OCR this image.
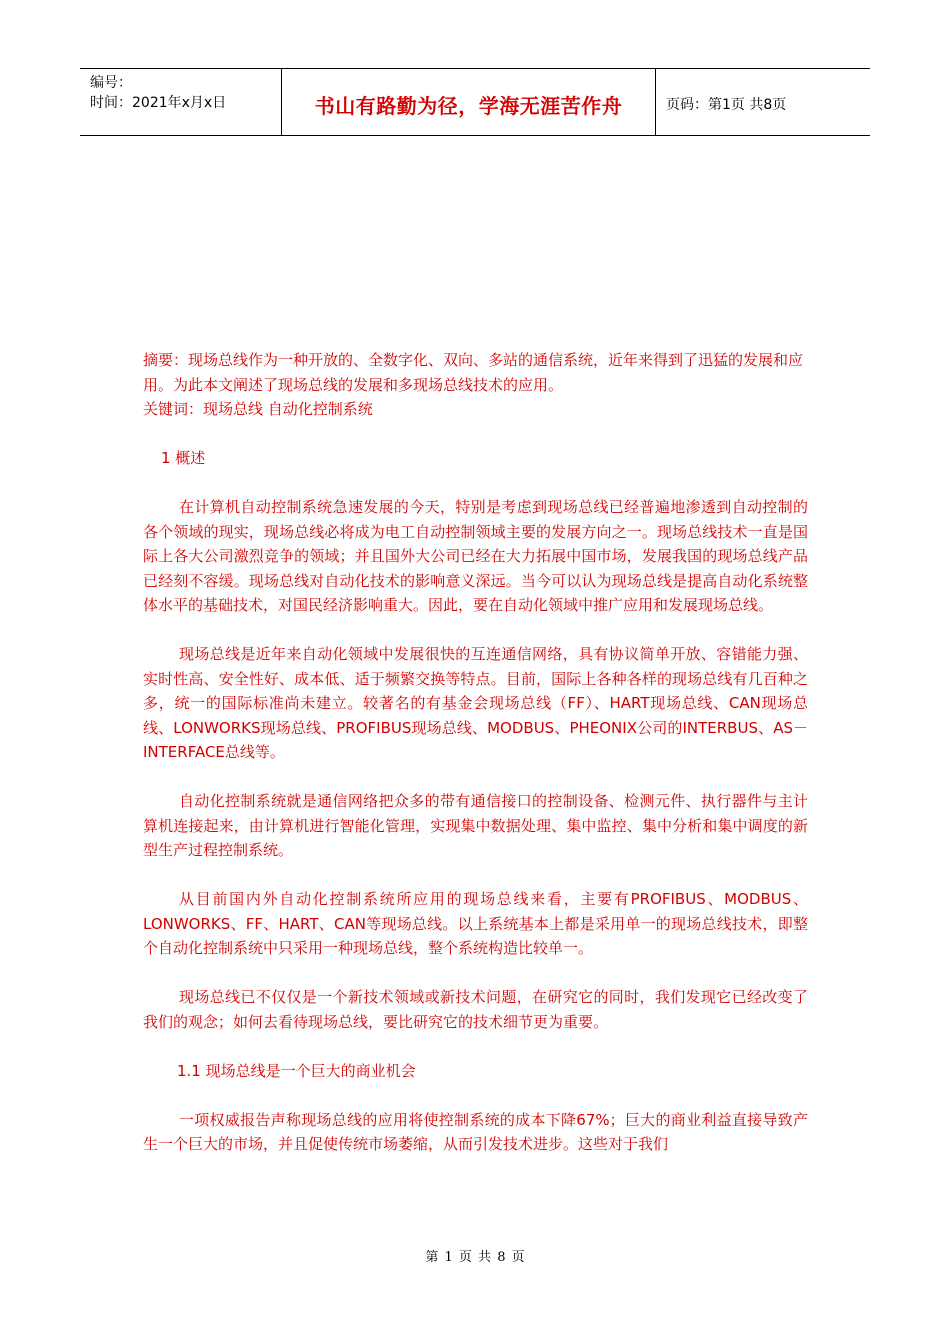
编号：
时间：2021年x月x日	书山有路勤为径，学海无涯苦作舟	页码：第1页 共8页

摘要：现场总线作为一种开放的、全数字化、双向、多站的通信系统，近年来得到了迅猛的发展和应用。为此本文阐述了现场总线的发展和多现场总线技术的应用。

关键词：现场总线 自动化控制系统

1 概述

在计算机自动控制系统急速发展的今天，特别是考虑到现场总线已经普遍地渗透到自动控制的各个领域的现实，现场总线必将成为电工自动控制领域主要的发展方向之一。现场总线技术一直是国际上各大公司激烈竞争的领域；并且国外大公司已经在大力拓展中国市场，发展我国的现场总线产品已经刻不容缓。现场总线对自动化技术的影响意义深远。当今可以认为现场总线是提高自动化系统整体水平的基础技术，对国民经济影响重大。因此，要在自动化领域中推广应用和发展现场总线。

现场总线是近年来自动化领域中发展很快的互连通信网络，具有协议简单开放、容错能力强、实时性高、安全性好、成本低、适于频繁交换等特点。目前，国际上各种各样的现场总线有几百种之多，统一的国际标准尚未建立。较著名的有基金会现场总线（FF）、HART现场总线、CAN现场总线、LONWORKS现场总线、PROFIBUS现场总线、MODBUS、PHEONIX公司的INTERBUS、AS－INTERFACE总线等。

自动化控制系统就是通信网络把众多的带有通信接口的控制设备、检测元件、执行器件与主计算机连接起来，由计算机进行智能化管理，实现集中数据处理、集中监控、集中分析和集中调度的新型生产过程控制系统。

从目前国内外自动化控制系统所应用的现场总线来看，主要有PROFIBUS、MODBUS、LONWORKS、FF、HART、CAN等现场总线。以上系统基本上都是采用单一的现场总线技术，即整个自动化控制系统中只采用一种现场总线，整个系统构造比较单一。

现场总线已不仅仅是一个新技术领域或新技术问题，在研究它的同时，我们发现它已经改变了我们的观念；如何去看待现场总线，要比研究它的技术细节更为重要。

1.1 现场总线是一个巨大的商业机会

一项权威报告声称现场总线的应用将使控制系统的成本下降67%；巨大的商业利益直接导致产生一个巨大的市场，并且促使传统市场萎缩，从而引发技术进步。这些对于我们

第 1 页 共 8 页
